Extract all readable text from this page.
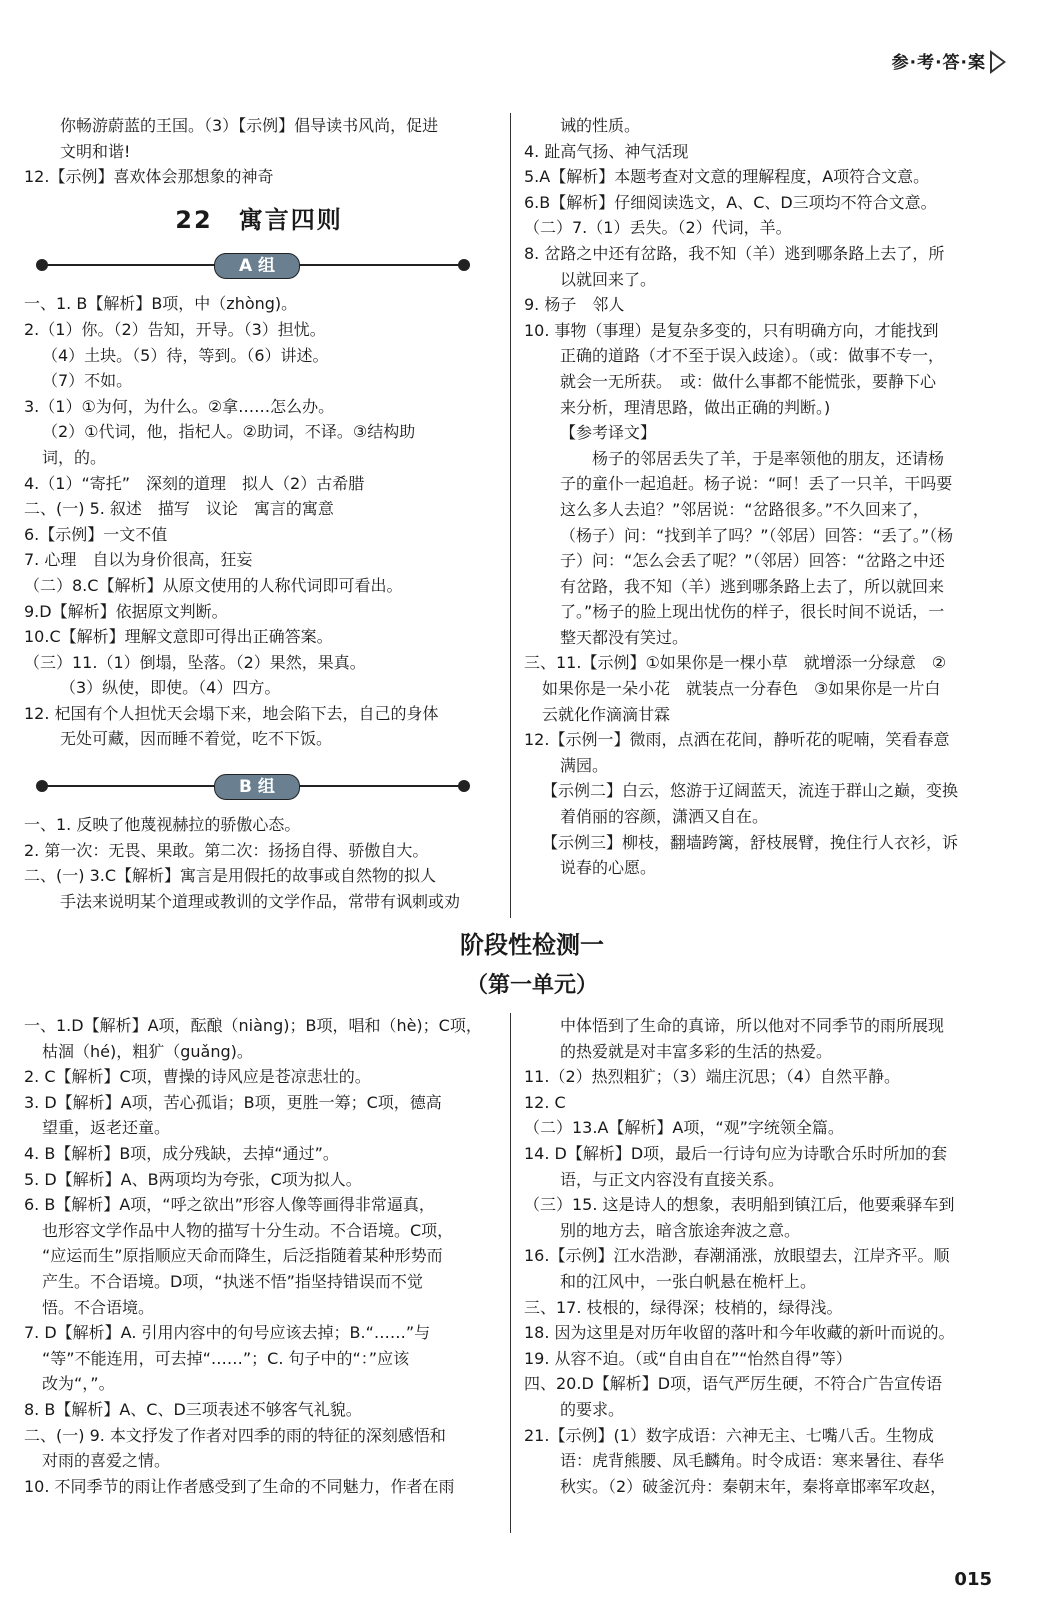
参·考·答·案

你畅游蔚蓝的王国。（3）【示例】倡导读书风尚，促进

文明和谐!

12.【示例】喜欢体会那想象的神奇

22　寓言四则
A 组

一、1. B【解析】B项，中（zhòng)。

2.（1）你。（2）告知，开导。（3）担忧。

（4）土块。（5）待，等到。（6）讲述。

（7）不如。

3.（1）①为何，为什么。②拿……怎么办。

（2）①代词，他，指杞人。②助词，不译。③结构助

词，的。

4.（1）“寄托”　深刻的道理　拟人（2）古希腊

二、(一) 5. 叙述　描写　议论　寓言的寓意

6.【示例】一文不值

7. 心理　自以为身价很高，狂妄

（二）8.C【解析】从原文使用的人称代词即可看出。

9.D【解析】依据原文判断。

10.C【解析】理解文意即可得出正确答案。

（三）11.（1）倒塌，坠落。（2）果然，果真。

（3）纵使，即使。（4）四方。

12. 杞国有个人担忧天会塌下来，地会陷下去，自己的身体

无处可藏，因而睡不着觉，吃不下饭。

B 组

一、1. 反映了他蔑视赫拉的骄傲心态。

2. 第一次：无畏、果敢。第二次：扬扬自得、骄傲自大。

二、(一) 3.C【解析】寓言是用假托的故事或自然物的拟人

手法来说明某个道理或教训的文学作品，常带有讽刺或劝

诫的性质。

4. 趾高气扬、神气活现

5.A【解析】本题考查对文意的理解程度，A项符合文意。

6.B【解析】仔细阅读选文，A、C、D三项均不符合文意。

（二）7.（1）丢失。（2）代词，羊。

8. 岔路之中还有岔路，我不知（羊）逃到哪条路上去了，所

以就回来了。

9. 杨子　邻人

10. 事物（事理）是复杂多变的，只有明确方向，才能找到

正确的道路（才不至于误入歧途）。（或：做事不专一，

就会一无所获。　或：做什么事都不能慌张，要静下心

来分析，理清思路，做出正确的判断。)

【参考译文】

杨子的邻居丢失了羊，于是率领他的朋友，还请杨

子的童仆一起追赶。杨子说：“呵！丢了一只羊，干吗要

这么多人去追？”邻居说：“岔路很多。”不久回来了，

（杨子）问：“找到羊了吗？”（邻居）回答：“丢了。”（杨

子）问：“怎么会丢了呢？”（邻居）回答：“岔路之中还

有岔路，我不知（羊）逃到哪条路上去了，所以就回来

了。”杨子的脸上现出忧伤的样子，很长时间不说话，一

整天都没有笑过。

三、11.【示例】①如果你是一棵小草　就增添一分绿意　②

如果你是一朵小花　就装点一分春色　③如果你是一片白

云就化作滴滴甘霖

12.【示例一】微雨，点洒在花间，静听花的呢喃，笑看春意

满园。

【示例二】白云，悠游于辽阔蓝天，流连于群山之巅，变换

着俏丽的容颜，潇洒又自在。

【示例三】柳枝，翻墙跨篱，舒枝展臂，挽住行人衣衫，诉

说春的心愿。

阶段性检测一
（第一单元）

一、1.D【解析】A项，酝酿（niàng)；B项，唱和（hè)；C项，

枯涸（hé)，粗犷（guǎng)。

2. C【解析】C项，曹操的诗风应是苍凉悲壮的。

3. D【解析】A项，苦心孤诣；B项，更胜一筹；C项，德高

望重，返老还童。

4. B【解析】B项，成分残缺，去掉“通过”。

5. D【解析】A、B两项均为夸张，C项为拟人。

6. B【解析】A项，“呼之欲出”形容人像等画得非常逼真，

也形容文学作品中人物的描写十分生动。不合语境。C项，

“应运而生”原指顺应天命而降生，后泛指随着某种形势而

产生。不合语境。D项，“执迷不悟”指坚持错误而不觉

悟。不合语境。

7. D【解析】A. 引用内容中的句号应该去掉；B.“……”与

“等”不能连用，可去掉“……”；C. 句子中的“：”应该

改为“，”。

8. B【解析】A、C、D三项表述不够客气礼貌。

二、(一) 9. 本文抒发了作者对四季的雨的特征的深刻感悟和

对雨的喜爱之情。

10. 不同季节的雨让作者感受到了生命的不同魅力，作者在雨

中体悟到了生命的真谛，所以他对不同季节的雨所展现

的热爱就是对丰富多彩的生活的热爱。

11.（2）热烈粗犷；（3）端庄沉思；（4）自然平静。

12. C

（二）13.A【解析】A项，“观”字统领全篇。

14. D【解析】D项，最后一行诗句应为诗歌合乐时所加的套

语，与正文内容没有直接关系。

（三）15. 这是诗人的想象，表明船到镇江后，他要乘驿车到

别的地方去，暗含旅途奔波之意。

16.【示例】江水浩渺，春潮涌涨，放眼望去，江岸齐平。顺

和的江风中，一张白帆悬在桅杆上。

三、17. 枝根的，绿得深；枝梢的，绿得浅。

18. 因为这里是对历年收留的落叶和今年收藏的新叶而说的。

19. 从容不迫。（或“自由自在”“怡然自得”等）

四、20.D【解析】D项，语气严厉生硬，不符合广告宣传语

的要求。

21.【示例】(1）数字成语：六神无主、七嘴八舌。生物成

语：虎背熊腰、凤毛麟角。时令成语：寒来暑往、春华

秋实。（2）破釜沉舟：秦朝末年，秦将章邯率军攻赵，

015
